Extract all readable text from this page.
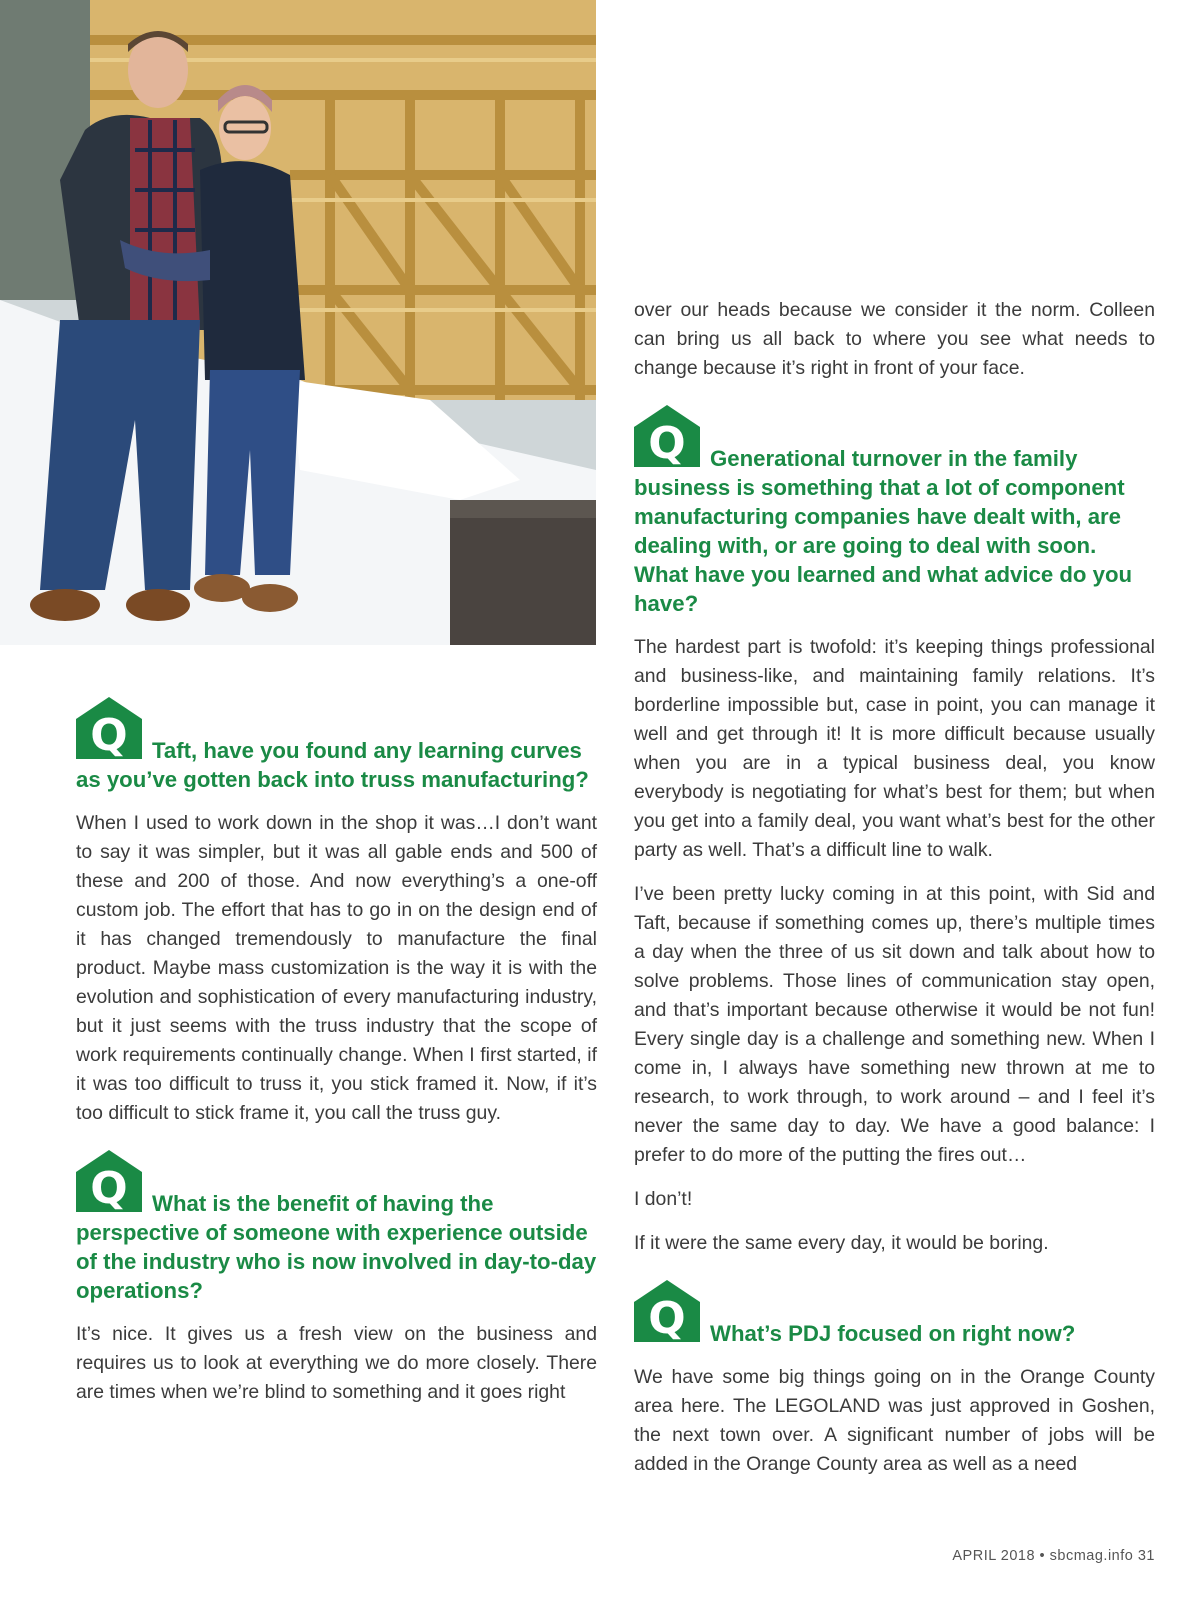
Q	Taft, have you found any learning curves as you’ve gotten back into truss manufacturing?

When I used to work down in the shop it was…I don’t want to say it was simpler, but it was all gable ends and 500 of these and 200 of those. And now everything’s a one-off custom job. The effort that has to go in on the design end of it has changed tremendously to manufacture the final product. Maybe mass customization is the way it is with the evolution and sophistication of every manufacturing industry, but it just seems with the truss industry that the scope of work requirements continually change. When I first started, if it was too difficult to truss it, you stick framed it. Now, if it’s too difficult to stick frame it, you call the truss guy.

Q	What is the benefit of having the perspective of someone with experience outside of the industry who is now involved in day-to-day operations?

It’s nice. It gives us a fresh view on the business and requires us to look at everything we do more closely. There are times when we’re blind to something and it goes right

over our heads because we consider it the norm. Colleen can bring us all back to where you see what needs to change because it’s right in front of your face.

Q	Generational turnover in the family business is something that a lot of component manufacturing companies have dealt with, are dealing with, or are going to deal with soon. What have you learned and what advice do you have?

The hardest part is twofold: it’s keeping things professional and business-like, and maintaining family relations. It’s borderline impossible but, case in point, you can manage it well and get through it! It is more difficult because usually when you are in a typical business deal, you know everybody is negotiating for what’s best for them; but when you get into a family deal, you want what’s best for the other party as well. That’s a difficult line to walk.

I’ve been pretty lucky coming in at this point, with Sid and Taft, because if something comes up, there’s multiple times a day when the three of us sit down and talk about how to solve problems. Those lines of communication stay open, and that’s important because otherwise it would be not fun! Every single day is a challenge and something new. When I come in, I always have something new thrown at me to research, to work through, to work around – and I feel it’s never the same day to day. We have a good balance: I prefer to do more of the putting the fires out…

I don’t!

If it were the same every day, it would be boring.

Q	What’s PDJ focused on right now?

We have some big things going on in the Orange County area here. The LEGOLAND was just approved in Goshen, the next town over. A significant number of jobs will be added in the Orange County area as well as a need

APRIL 2018 • sbcmag.info 31
